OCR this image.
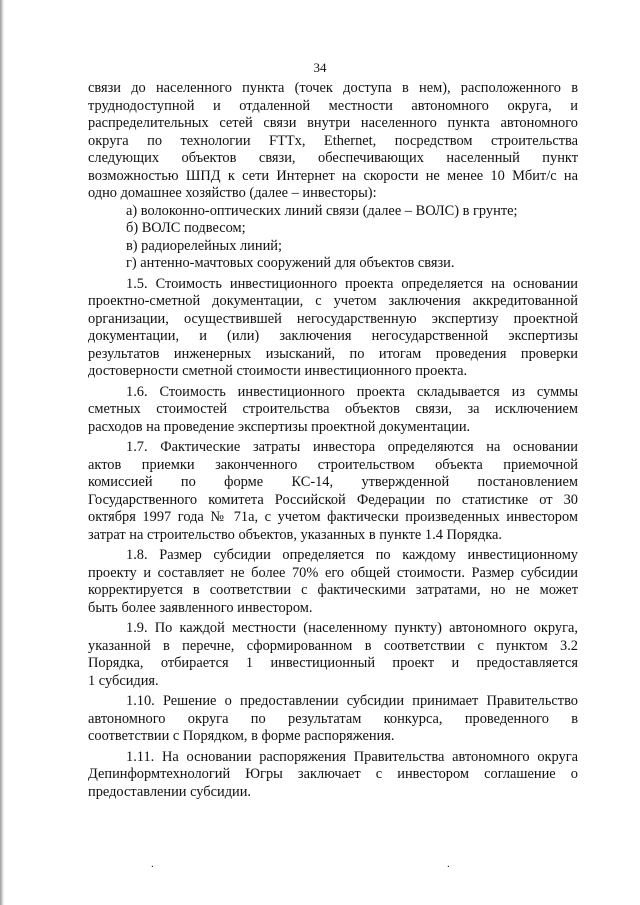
34
связи до населенного пункта (точек доступа в нем), расположенного в
труднодоступной и отдаленной местности автономного округа, и
распределительных сетей связи внутри населенного пункта автономного
округа по технологии FTTx, Ethernet, посредством строительства
следующих объектов связи, обеспечивающих населенный пункт
возможностью ШПД к сети Интернет на скорости не менее 10 Мбит/с на
одно домашнее хозяйство (далее – инвесторы):
а) волоконно-оптических линий связи (далее – ВОЛС) в грунте;
б) ВОЛС подвесом;
в) радиорелейных линий;
г) антенно-мачтовых сооружений для объектов связи.
1.5. Стоимость инвестиционного проекта определяется на основании
проектно-сметной документации, с учетом заключения аккредитованной
организации, осуществившей негосударственную экспертизу проектной
документации, и (или) заключения негосударственной экспертизы
результатов инженерных изысканий, по итогам проведения проверки
достоверности сметной стоимости инвестиционного проекта.
1.6. Стоимость инвестиционного проекта складывается из суммы
сметных стоимостей строительства объектов связи, за исключением
расходов на проведение экспертизы проектной документации.
1.7. Фактические затраты инвестора определяются на основании
актов приемки законченного строительством объекта приемочной
комиссией по форме КС-14, утвержденной постановлением
Государственного комитета Российской Федерации по статистике от 30
октября 1997 года № 71а, с учетом фактически произведенных инвестором
затрат на строительство объектов, указанных в пункте 1.4 Порядка.
1.8. Размер субсидии определяется по каждому инвестиционному
проекту и составляет не более 70% его общей стоимости. Размер субсидии
корректируется в соответствии с фактическими затратами, но не может
быть более заявленного инвестором.
1.9. По каждой местности (населенному пункту) автономного округа,
указанной в перечне, сформированном в соответствии с пунктом 3.2
Порядка, отбирается 1 инвестиционный проект и предоставляется
1 субсидия.
1.10. Решение о предоставлении субсидии принимает Правительство
автономного округа по результатам конкурса, проведенного в
соответствии с Порядком, в форме распоряжения.
1.11. На основании распоряжения Правительства автономного округа
Депинформтехнологий Югры заключает с инвестором соглашение о
предоставлении субсидии.
.	.
